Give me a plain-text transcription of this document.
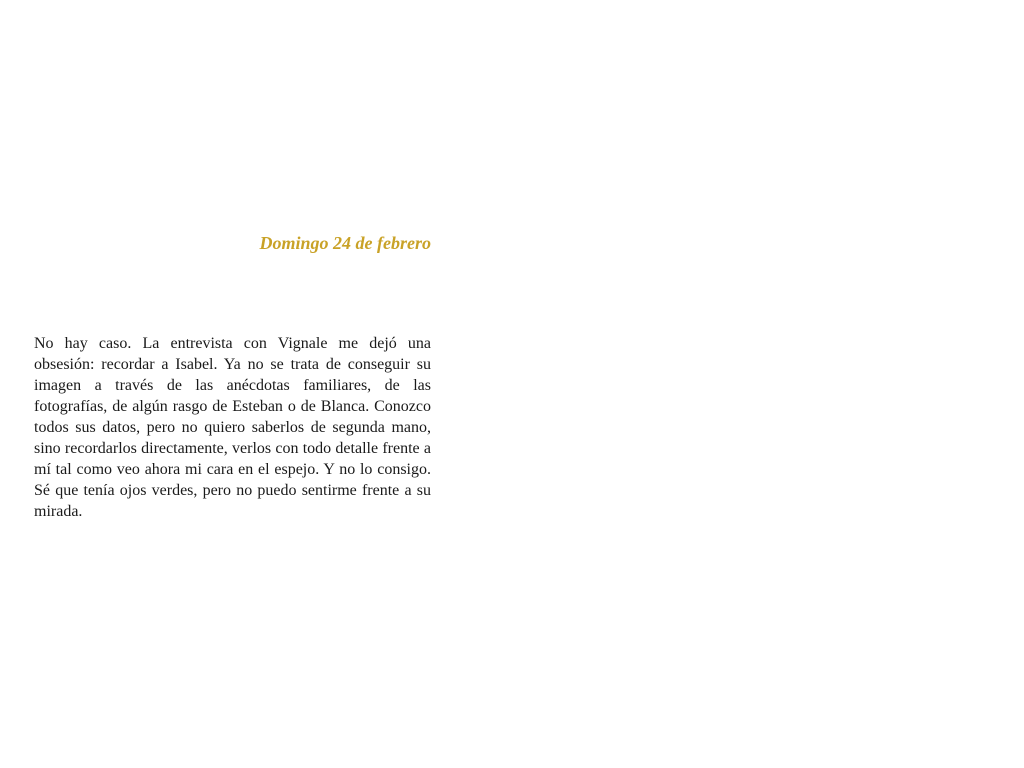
Domingo 24 de febrero

No hay caso. La entrevista con Vignale me dejó una obsesión: recordar a Isabel. Ya no se trata de conseguir su imagen a través de las anécdotas familiares, de las fotografías, de algún rasgo de Esteban o de Blanca. Conozco todos sus datos, pero no quiero saberlos de segunda mano, sino recordarlos directamente, verlos con todo detalle frente a mí tal como veo ahora mi cara en el espejo. Y no lo consigo. Sé que tenía ojos verdes, pero no puedo sentirme frente a su mirada.
